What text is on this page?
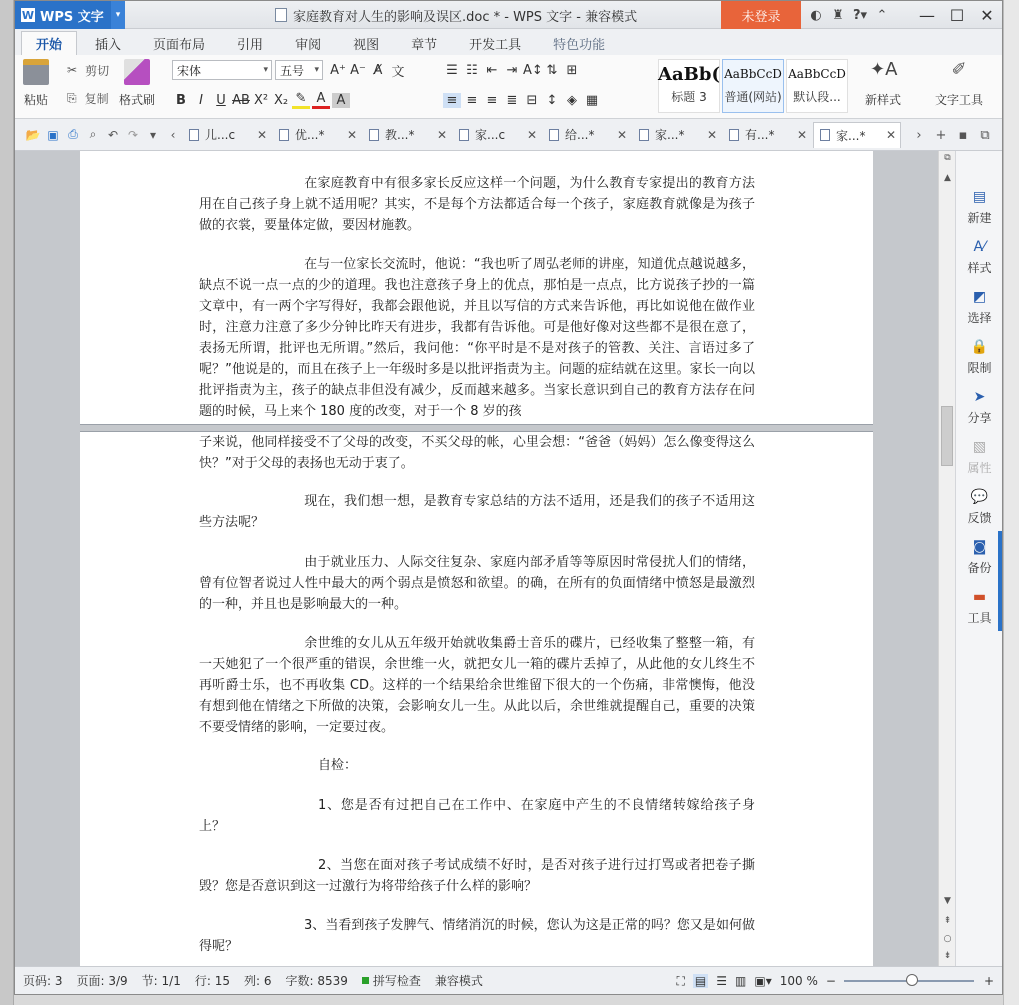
W WPS 文字	▾	家庭教育对人生的影响及误区.doc * - WPS 文字 - 兼容模式	未登录	◐ ♜ ? ▾ ⌃	— ☐	✕
开始	插入	页面布局	引用	审阅	视图	章节	开发工具	特色功能
粘贴
✂ 剪切
⎘ 复制 格式刷
宋体 ▾	五号 ▾	A⁺ A⁻ A̸ 文
B	I	U AB X² X₂ ✎ A A
☰ ☷ ⇤ ⇥ A↕ ⇅ ⊞
≡ ≡ ≡ ≣ ⊟ ↕ ◈ ▦
AaBb(
标题 3
AaBbCcD
普通(网站)
AaBbCcD
默认段...
✦A
新样式
✐
文字工具
📂 ▣ ⎙ ⌕ ↶ ↷ ▾	‹	儿...c ✕ 优...* ✕ 教...* ✕ 家...c ✕ 给...* ✕ 家...* ✕ 有...* ✕ 家...* ✕	›	+ ▪ ⧉
在家庭教育中有很多家长反应这样一个问题，为什么教育专家提出的教育方法用在自己孩子身上就不适用呢？其实，不是每个方法都适合每一个孩子，家庭教育就像是为孩子做的衣裳，要量体定做，要因材施教。
在与一位家长交流时，他说：“我也听了周弘老师的讲座，知道优点越说越多，缺点不说一点一点的少的道理。我也注意孩子身上的优点，那怕是一点点，比方说孩子抄的一篇文章中，有一两个字写得好，我都会跟他说，并且以写信的方式来告诉他，再比如说他在做作业时，注意力注意了多少分钟比昨天有进步，我都有告诉他。可是他好像对这些都不是很在意了，表扬无所谓，批评也无所谓。”然后，我问他：“你平时是不是对孩子的管教、关注、言语过多了呢？”他说是的，而且在孩子上一年级时多是以批评指责为主。问题的症结就在这里。家长一向以批评指责为主，孩子的缺点非但没有减少，反而越来越多。当家长意识到自己的教育方法存在问题的时候，马上来个 180 度的改变，对于一个 8 岁的孩
子来说，他同样接受不了父母的改变，不买父母的帐，心里会想：“爸爸（妈妈）怎么像变得这么快？”对于父母的表扬也无动于衷了。
现在，我们想一想，是教育专家总结的方法不适用，还是我们的孩子不适用这些方法呢？
由于就业压力、人际交往复杂、家庭内部矛盾等等原因时常侵扰人们的情绪，曾有位智者说过人性中最大的两个弱点是愤怒和欲望。的确，在所有的负面情绪中愤怒是最激烈的一种，并且也是影响最大的一种。
余世维的女儿从五年级开始就收集爵士音乐的碟片，已经收集了整整一箱，有一天她犯了一个很严重的错误，余世维一火，就把女儿一箱的碟片丢掉了，从此他的女儿终生不再听爵士乐，也不再收集 CD。这样的一个结果给余世维留下很大的一个伤痛，非常懊悔，他没有想到他在情绪之下所做的决策，会影响女儿一生。从此以后，余世维就提醒自己，重要的决策不要受情绪的影响，一定要过夜。
自检：
1、您是否有过把自己在工作中、在家庭中产生的不良情绪转嫁给孩子身上？
2、当您在面对孩子考试成绩不好时，是否对孩子进行过打骂或者把卷子撕毁？您是否意识到这一过激行为将带给孩子什么样的影响？
3、当看到孩子发脾气、情绪消沉的时候，您认为这是正常的吗？您又是如何做得呢？
⧉
▲
▼
⇞
○
⇟
▤
新建
A⁄
样式
◩
选择
🔒
限制
➤
分享
▧
属性
💬
反馈
◙
备份
▬
工具
页码: 3 页面: 3/9 节: 1/1 行: 15 列: 6 字数: 8539 拼写检查 兼容模式	⛶ ▤ ☰ ▥ ▣▾ 100 % −	+
